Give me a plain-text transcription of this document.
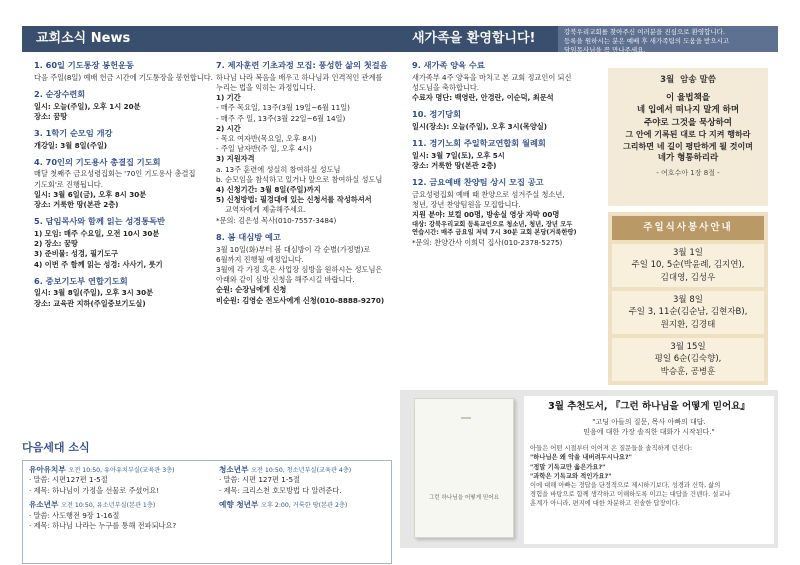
교회소식 News	새가족을 환영합니다!	강북우리교회를 찾아주신 여러분을 진심으로 환영합니다.
등록을 원하시는 분은 예배 후 새가족팀의 도움을 받으시고
담임목사님을 꼭 만나주세요.
1. 60일 기도통장 봉헌운동
다음 주일(8일) 예배 헌금 시간에 기도통장을 봉헌합니다.
2. 순장수련회
일시: 오늘(주일), 오후 1시 20분
장소: 꿈땅
3. 1학기 순모임 개강
개강일: 3월 8일(주일)
4. 70인의 기도용사 총결집 기도회
매달 첫째주 금요성령집회는 '70인 기도용사 총결집
기도회'로 진행됩니다.
일시: 3월 6일(금), 오후 8시 30분
장소: 거룩한 땅(본관 2층)
5. 담임목사와 함께 읽는 성경통독반
1) 모임: 매주 수요일, 오전 10시 30분
2) 장소: 꿈땅
3) 준비물: 성경, 필기도구
4) 이번 주 함께 읽는 성경: 사사기, 룻기
6. 중보기도부 연합기도회
일시: 3월 8일(주일), 오후 3시 30분
장소: 교육관 지하(주일중보기도실)
7. 제자훈련 기초과정 모집: 풍성한 삶의 첫걸음
하나님 나라 복음을 배우고 하나님과 인격적인 관계를
누리는 법을 익히는 과정입니다.
1) 기간
- 매주 목요일, 13주(3월 19일~6월 11일)
- 매주 주 일, 13주(3월 22일~6월 14일)
2) 시간
- 목요 여자반(목요일, 오후 8시)
- 주일 남자반(주 일, 오후 4시)
3) 지원자격
a. 13주 훈련에 성실히 참여하실 성도님
b. 순모임을 참석하고 있거나 앞으로 참여하실 성도님
4) 신청기간: 3월 8일(주일)까지
5) 신청방법: 필경대에 있는 신청서를 작성하셔서
교역자에게 제출해주세요.
*문의: 김은성 목사(010-7557-3484)
8. 봄 대심방 예고
3월 10일(화)부터 봄 대심방이 각 순별(가정별)로
6월까지 진행될 예정입니다.
3월에 각 가정 혹은 사업장 심방을 원하시는 성도님은
아래와 같이 심방 신청을 해주시길 바랍니다.
순원: 순장님에게 신청
비순원: 김영순 전도사에게 신청(010-8888-9270)
9. 새가족 양육 수료
새가족부 4주 양육을 마치고 본 교회 정교인이 되신
성도님을 축하합니다.
수료자 명단: 백영란, 안경란, 이순덕, 최문석
10. 정기당회
일시(장소): 오늘(주일), 오후 3시(목양실)
11. 경기노회 주일학교연합회 월례회
일시: 3월 7일(토), 오후 5시
장소: 거룩한 땅(본관 2층)
12. 금요예배 찬양팀 상시 모집 공고
금요성령집회 예배 때 찬양으로 섬겨주실 청소년,
청년, 장년 찬양팀원을 모집합니다.
지원 분야: 보컬 00명, 방송실 영상 자막 00명
대상: 강북우리교회 등록교인으로 청소년, 청년, 장년 모두
연습시간: 매주 금요일 저녁 7시 30분 교회 본당(거룩한땅)
*문의: 찬양간사 이희덕 집사(010-2378-5275)
3월  암송 말씀
이 율법책을
네 입에서 떠나지 말게 하며
주야로 그것을 묵상하여
그 안에 기록된 대로 다 지켜 행하라
그리하면 네 길이 평탄하게 될 것이며
네가 형통하리라
- 여호수아 1장 8절 -
주일식사봉사안내
3월 1일
주일 10, 5순(박윤례, 김지연),
김대영, 김성우
3월 8일
주일 3, 11순(김순남, 김현자B),
원지환, 김경태
3월 15일
평일 6순(김숙향),
박승훈, 공병훈
다음세대 소식
유아유치부 오전 10:50, 유아유치부실(교육관 3층)
· 말씀: 시편127편 1-5절
· 제목: 하나님이 가정을 선물로 주셨어요!
유소년부 오전 10:50, 유소년부실(본관 1층)
· 말씀: 사도행전 9장 1-16절
· 제목: 하나님 나라는 누구를 통해 전파되나요?
청소년부 오전 10:50, 청소년부실(교육관 4층)
· 말씀: 시편 127편 1-5절
· 제목: 크리스천 호모방법 다 알려준다.
예향 청년부 오후 2:00, 거룩한 땅(본관 2층)
그런 하나님을 어떻게 믿어요
3월 추천도서, 『그런 하나님을 어떻게 믿어요』
"고딩 아들의 질문, 목사 아빠의 대답.
믿음에 대한 가장 솔직한 대화가 시작된다."
아들은 어떤 시절부터 이어져 온 질문들을 솔직하게 던진다:
"하나님은 왜 악을 내버려두시나요?"
"정말 기독교만 옳은가요?"
"과학은 기독교와 적인가요?"
이에 대해 아빠는 정답을 단정적으로 제시하기보다, 성경과 신학, 삶의
경험을 바탕으로 함께 생각하고 이해하도록 이끄는 대답을 건넨다. 설교나
훈계가 아니라, 편지에 대한 차분하고 진솔한 답장이다.
